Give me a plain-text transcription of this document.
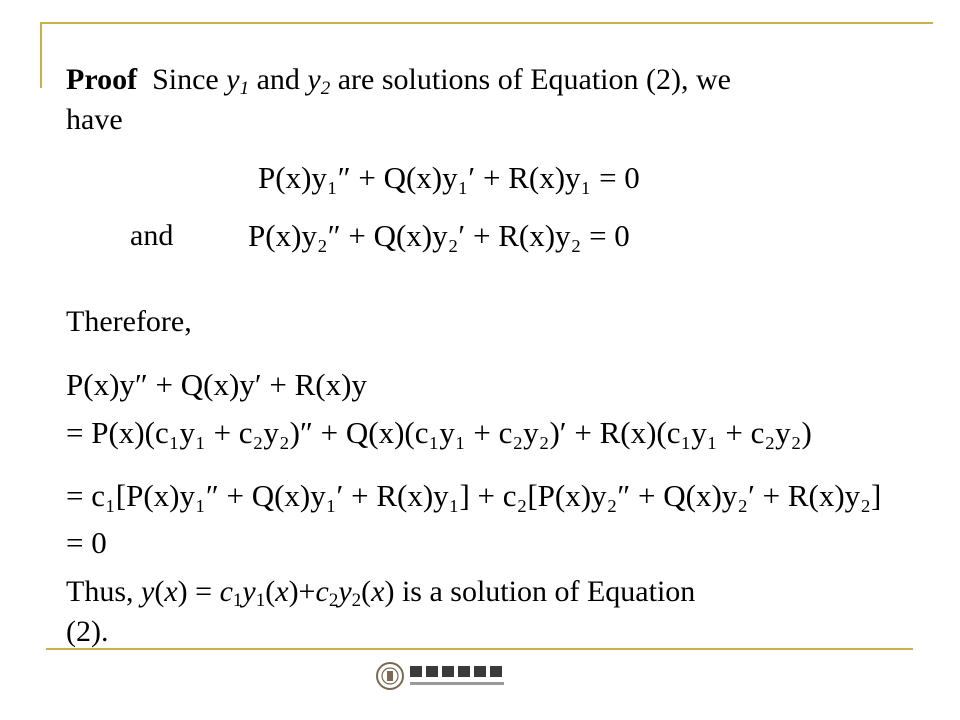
Proof Since $y_1$ and $y_2$ are solutions of Equation (2), we
have
P(x)y₁″ + Q(x)y₁′ + R(x)y₁ = 0
and P(x)y₂″ + Q(x)y₂′ + R(x)y₂ = 0
Therefore,
P(x)y″ + Q(x)y′ + R(x)y
= P(x)(c₁y₁ + c₂y₂)″ + Q(x)(c₁y₁ + c₂y₂)′ + R(x)(c₁y₁ + c₂y₂)
= c₁[P(x)y₁″ + Q(x)y₁′ + R(x)y₁] + c₂[P(x)y₂″ + Q(x)y₂′ + R(x)y₂]
= 0
Thus, $y(x) = c_1y_1(x)+c_2y_2(x)$ is a solution of Equation
(2).
